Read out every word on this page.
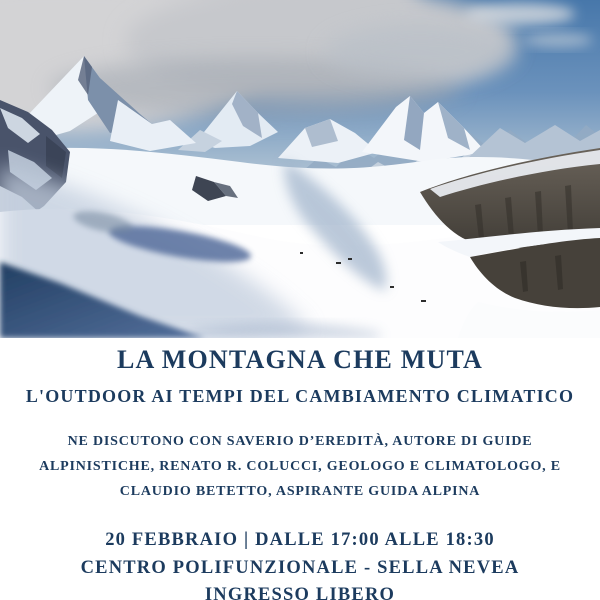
LA MONTAGNA CHE MUTA
L'OUTDOOR AI TEMPI DEL CAMBIAMENTO CLIMATICO
NE DISCUTONO CON SAVERIO D’EREDITÀ, AUTORE DI GUIDE
ALPINISTICHE, RENATO R. COLUCCI, GEOLOGO E CLIMATOLOGO, E
CLAUDIO BETETTO, ASPIRANTE GUIDA ALPINA
20 FEBBRAIO | DALLE 17:00 ALLE 18:30
CENTRO POLIFUNZIONALE - SELLA NEVEA
INGRESSO LIBERO
